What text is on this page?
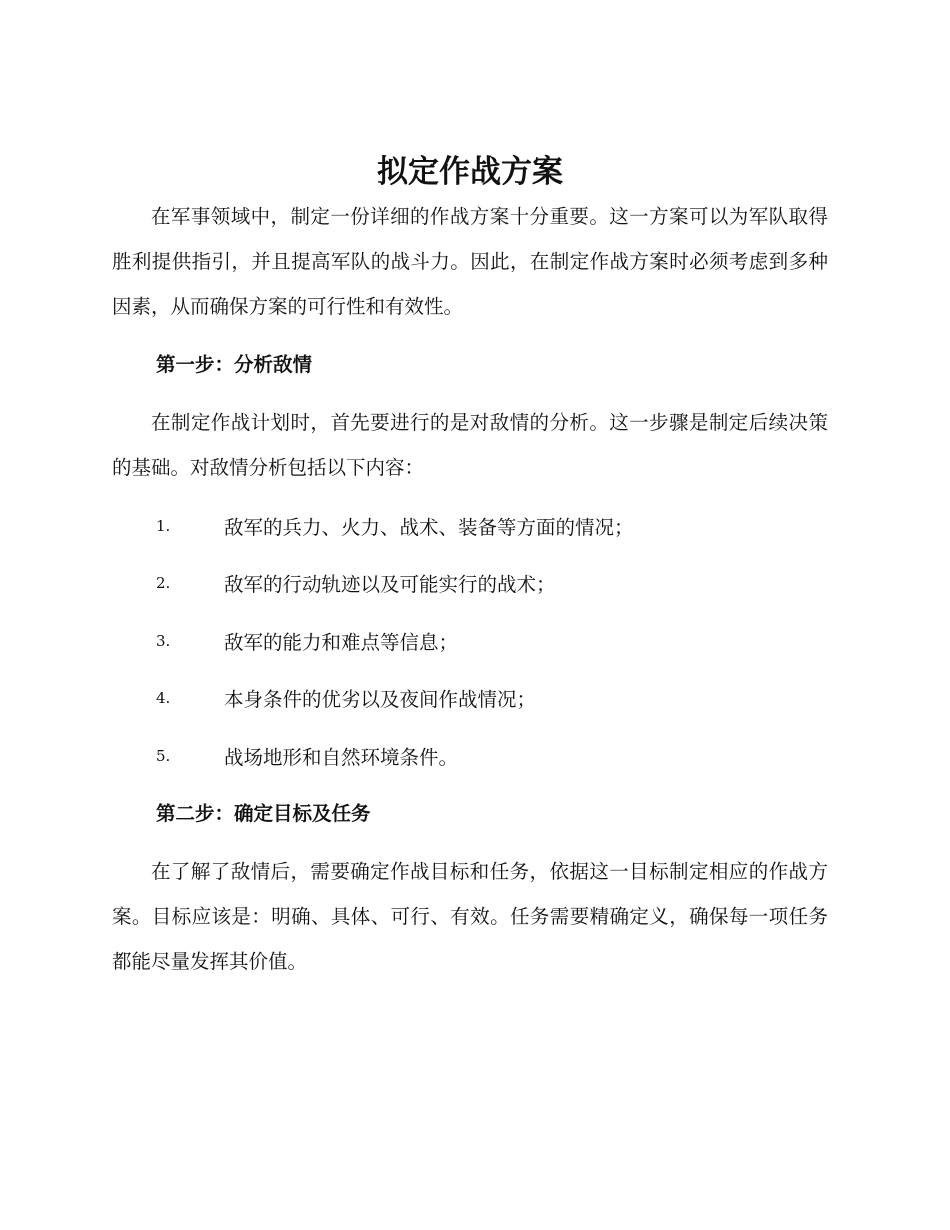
拟定作战方案

在军事领域中，制定一份详细的作战方案十分重要。这一方案可以为军队取得胜利提供指引，并且提高军队的战斗力。因此，在制定作战方案时必须考虑到多种因素，从而确保方案的可行性和有效性。

第一步：分析敌情

在制定作战计划时，首先要进行的是对敌情的分析。这一步骤是制定后续决策的基础。对敌情分析包括以下内容：

1.	敌军的兵力、火力、战术、装备等方面的情况；
2.	敌军的行动轨迹以及可能实行的战术；
3.	敌军的能力和难点等信息；
4.	本身条件的优劣以及夜间作战情况；
5.	战场地形和自然环境条件。
第二步：确定目标及任务

在了解了敌情后，需要确定作战目标和任务，依据这一目标制定相应的作战方案。目标应该是：明确、具体、可行、有效。任务需要精确定义，确保每一项任务都能尽量发挥其价值。
